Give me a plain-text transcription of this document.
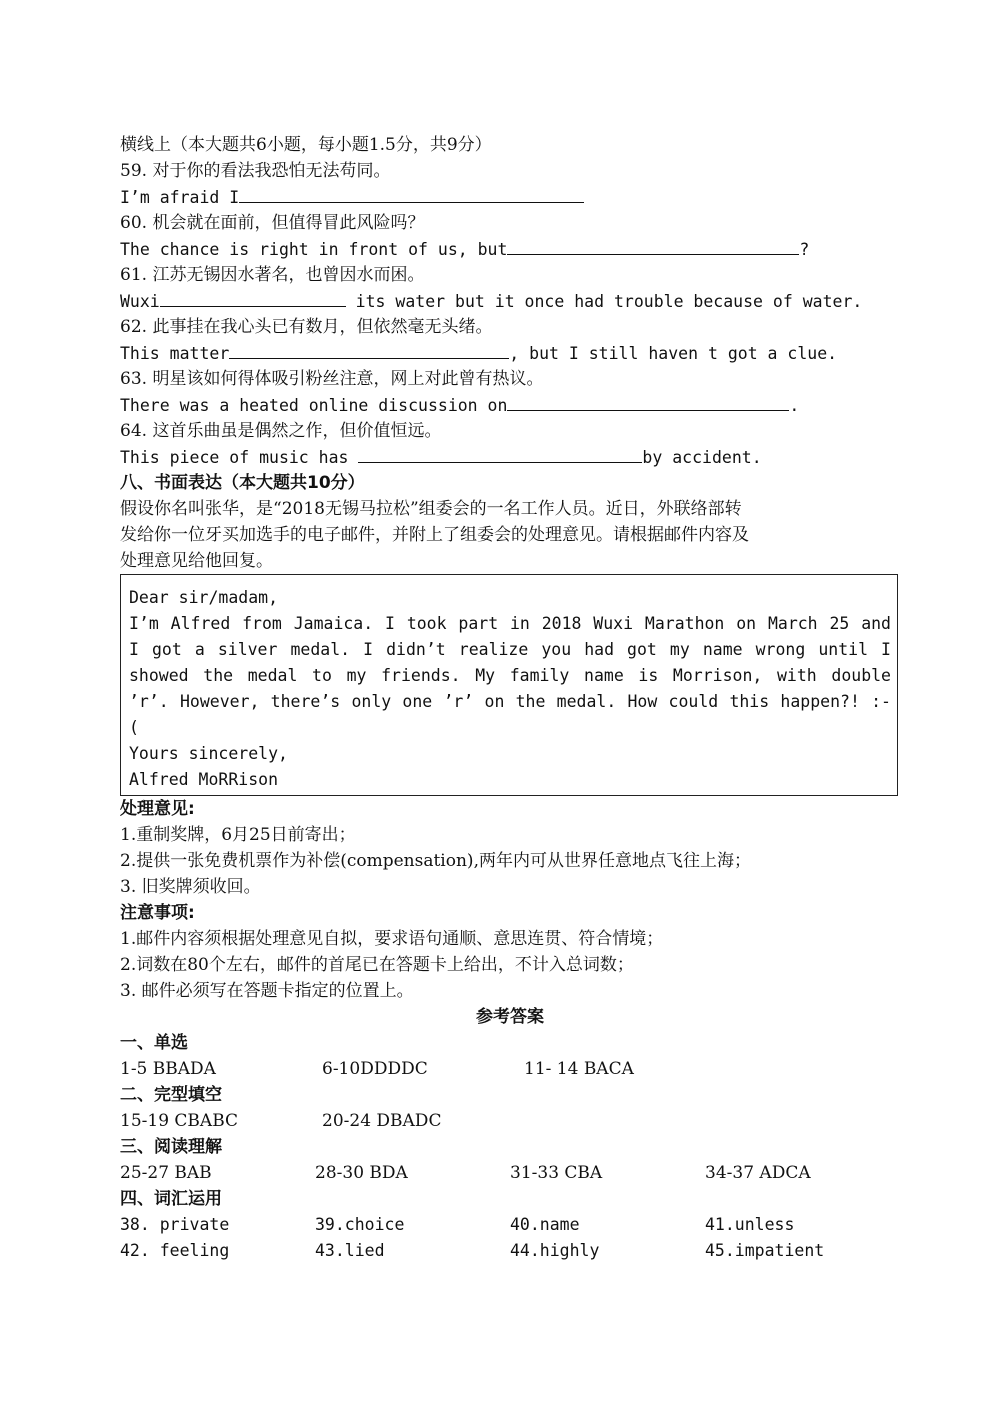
横线上（本大题共6小题，每小题1.5分，共9分）
59. 对于你的看法我恐怕无法苟同。
I’m afraid I
60. 机会就在面前，但值得冒此风险吗？
The chance is right in front of us, but	?
61. 江苏无锡因水著名，也曾因水而困。
Wuxi	its water but it once had trouble because of water.
62. 此事挂在我心头已有数月，但依然毫无头绪。
This matter	, but I still haven t got a clue.
63. 明星该如何得体吸引粉丝注意，网上对此曾有热议。
There was a heated online discussion on	.
64. 这首乐曲虽是偶然之作，但价值恒远。
This piece of music has	by accident.
八、书面表达（本大题共10分）
假设你名叫张华，是“2018无锡马拉松”组委会的一名工作人员。近日，外联络部转
发给你一位牙买加选手的电子邮件，并附上了组委会的处理意见。请根据邮件内容及
处理意见给他回复。
Dear sir/madam,
I’m Alfred from Jamaica. I took part in 2018 Wuxi Marathon on March 25 and
I got a silver medal. I didn’t realize you had got my name wrong until I
showed the medal to my friends. My family name is Morrison, with double
’r’. However, there’s only one ’r’ on the medal. How could this happen?! :-
(
Yours sincerely,
Alfred MoRRison
处理意见:
1.重制奖牌，6月25日前寄出；
2.提供一张免费机票作为补偿(compensation),两年内可从世界任意地点飞往上海；
3. 旧奖牌须收回。
注意事项:
1.邮件内容须根据处理意见自拟，要求语句通顺、意思连贯、符合情境；
2.词数在80个左右，邮件的首尾已在答题卡上给出，不计入总词数；
3. 邮件必须写在答题卡指定的位置上。
参考答案
一、单选
1-5 BBADA	6-10DDDDC	11- 14 BACA
二、完型填空
15-19 CBABC	20-24 DBADC
三、阅读理解
25-27 BAB	28-30 BDA	31-33 CBA	34-37 ADCA
四、词汇运用
38. private	39.choice	40.name	41.unless
42. feeling	43.lied	44.highly	45.impatient
